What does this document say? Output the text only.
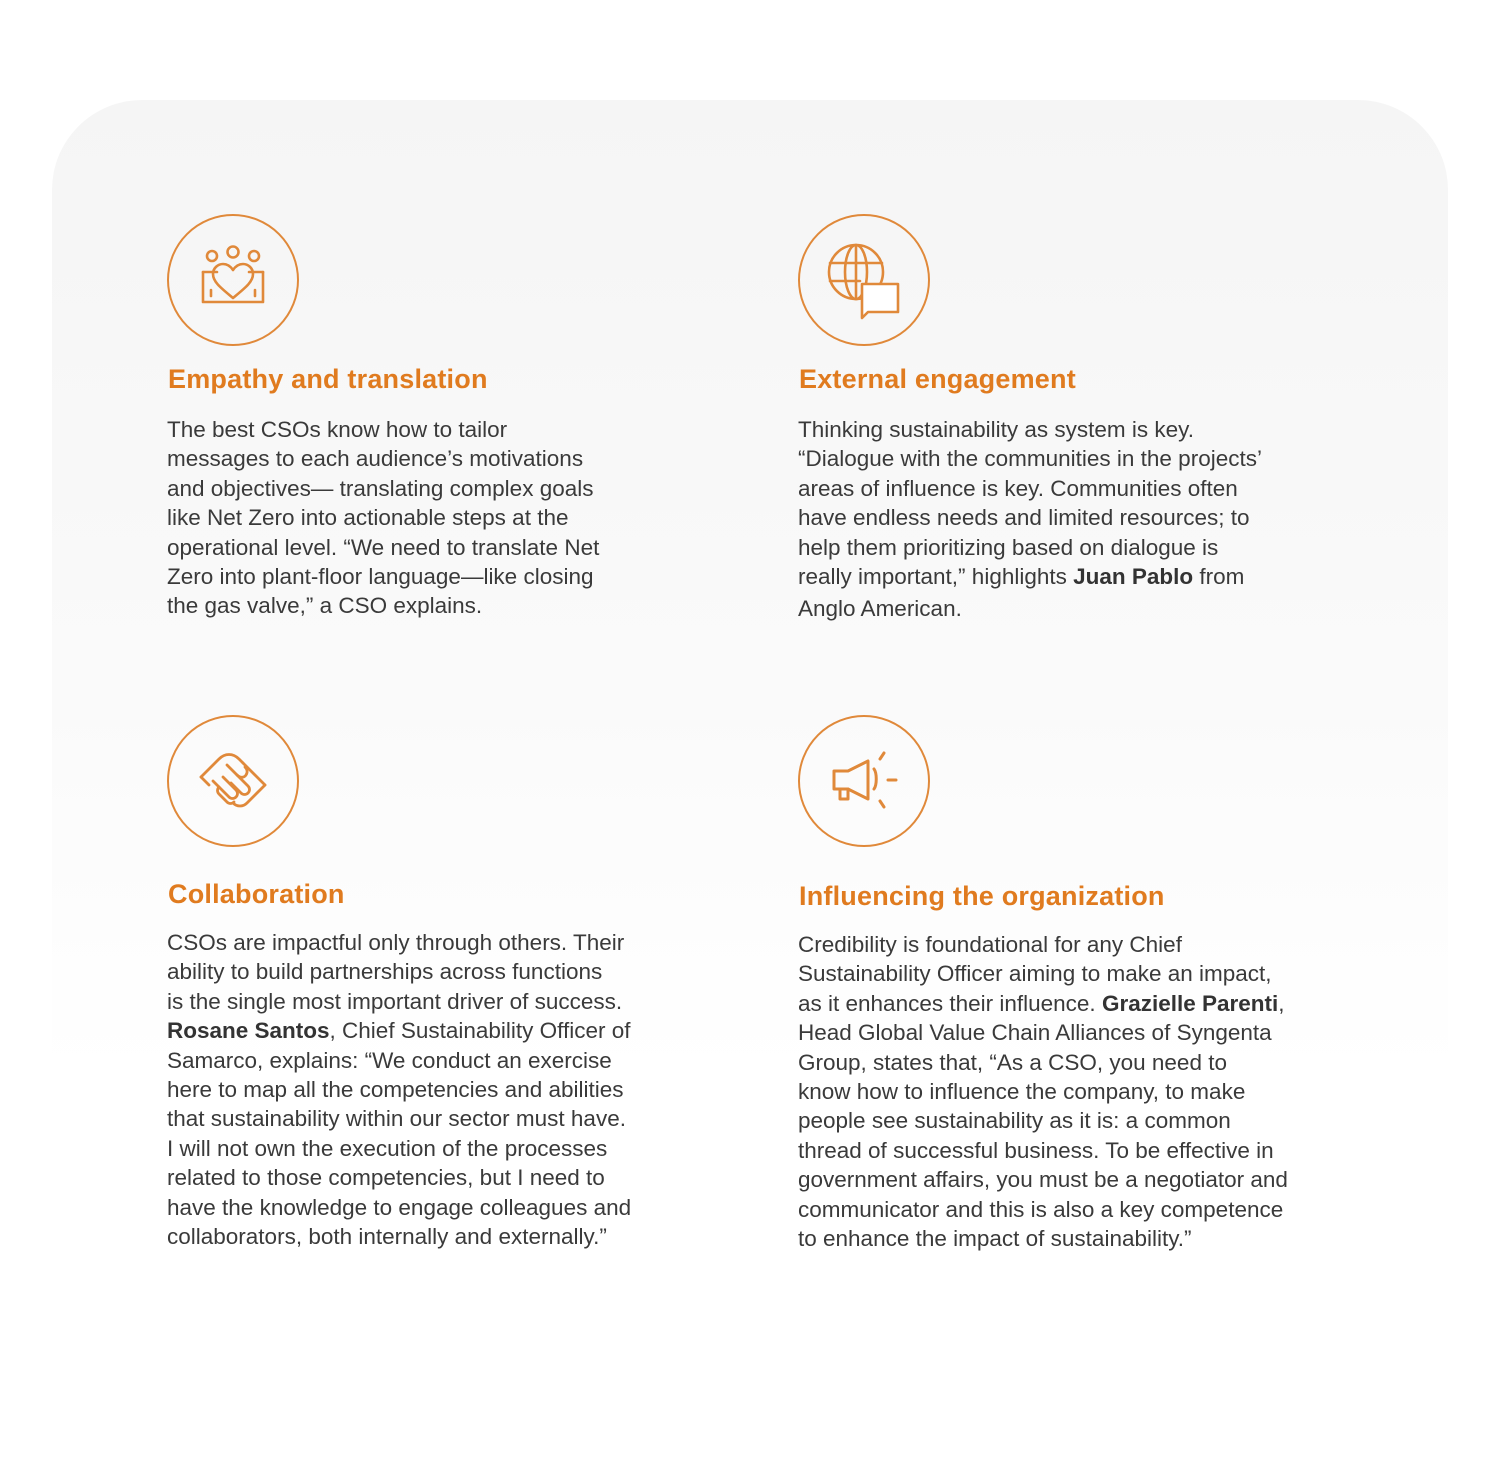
Empathy and translation

The best CSOs know how to tailor
messages to each audience’s motivations
and objectives— translating complex goals
like Net Zero into actionable steps at the
operational level. “We need to translate Net
Zero into plant-floor language—like closing
the gas valve,” a CSO explains.

External engagement

Thinking sustainability as system is key.
“Dialogue with the communities in the projects’
areas of influence is key. Communities often
have endless needs and limited resources; to
help them prioritizing based on dialogue is
really important,” highlights Juan Pablo from
Anglo American.

Collaboration

CSOs are impactful only through others. Their
ability to build partnerships across functions
is the single most important driver of success.
Rosane Santos, Chief Sustainability Officer of
Samarco, explains: “We conduct an exercise
here to map all the competencies and abilities
that sustainability within our sector must have.
I will not own the execution of the processes
related to those competencies, but I need to
have the knowledge to engage colleagues and
collaborators, both internally and externally.”

Influencing the organization

Credibility is foundational for any Chief
Sustainability Officer aiming to make an impact,
as it enhances their influence. Grazielle Parenti,
Head Global Value Chain Alliances of Syngenta
Group, states that, “As a CSO, you need to
know how to influence the company, to make
people see sustainability as it is: a common
thread of successful business. To be effective in
government affairs, you must be a negotiator and
communicator and this is also a key competence
to enhance the impact of sustainability.”
